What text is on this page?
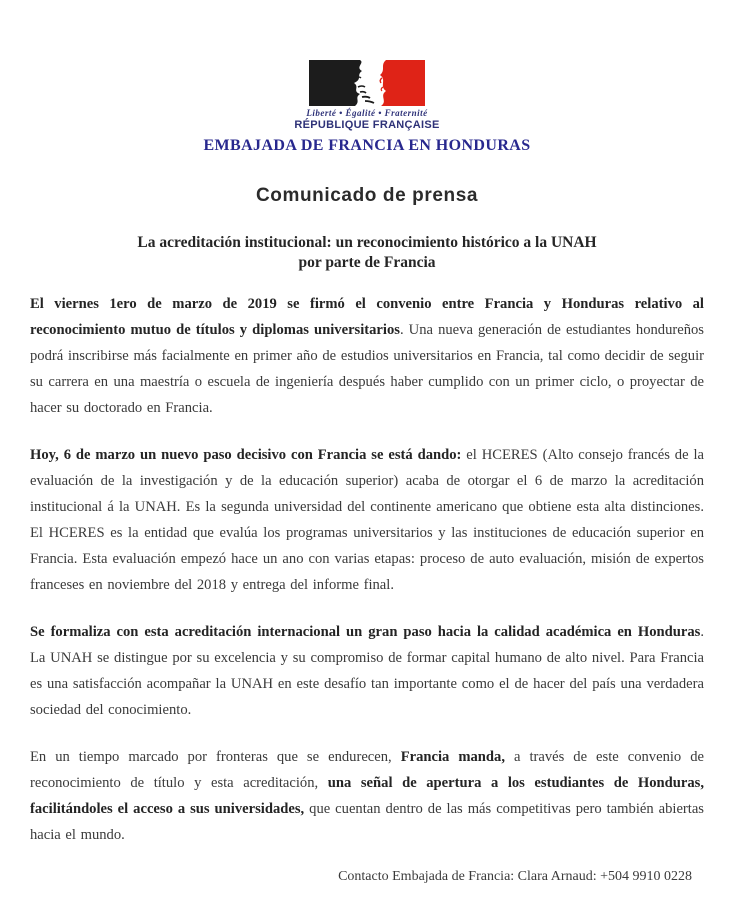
Liberté • Égalité • Fraternité
RÉPUBLIQUE FRANÇAISE
EMBAJADA DE FRANCIA EN HONDURAS
Comunicado de prensa
La acreditación institucional: un reconocimiento histórico a la UNAH
por parte de Francia

El viernes 1ero de marzo de 2019 se firmó el convenio entre Francia y Honduras relativo al reconocimiento mutuo de títulos y diplomas universitarios. Una nueva generación de estudiantes hondureños podrá inscribirse más facialmente en primer año de estudios universitarios en Francia, tal como decidir de seguir su carrera en una maestría o escuela de ingeniería después haber cumplido con un primer ciclo, o proyectar de hacer su doctorado en Francia.

Hoy, 6 de marzo un nuevo paso decisivo con Francia se está dando: el HCERES (Alto consejo francés de la evaluación de la investigación y de la educación superior) acaba de otorgar el 6 de marzo la acreditación institucional á la UNAH. Es la segunda universidad del continente americano que obtiene esta alta distinciones. El HCERES es la entidad que evalúa los programas universitarios y las instituciones de educación superior en Francia. Esta evaluación empezó hace un ano con varias etapas: proceso de auto evaluación, misión de expertos franceses en noviembre del 2018 y entrega del informe final.

Se formaliza con esta acreditación internacional un gran paso hacia la calidad académica en Honduras. La UNAH se distingue por su excelencia y su compromiso de formar capital humano de alto nivel. Para Francia es una satisfacción acompañar la UNAH en este desafío tan importante como el de hacer del país una verdadera sociedad del conocimiento.

En un tiempo marcado por fronteras que se endurecen, Francia manda, a través de este convenio de reconocimiento de título y esta acreditación, una señal de apertura a los estudiantes de Honduras, facilitándoles el acceso a sus universidades, que cuentan dentro de las más competitivas pero también abiertas hacia el mundo.

Contacto Embajada de Francia: Clara Arnaud: +504 9910 0228
